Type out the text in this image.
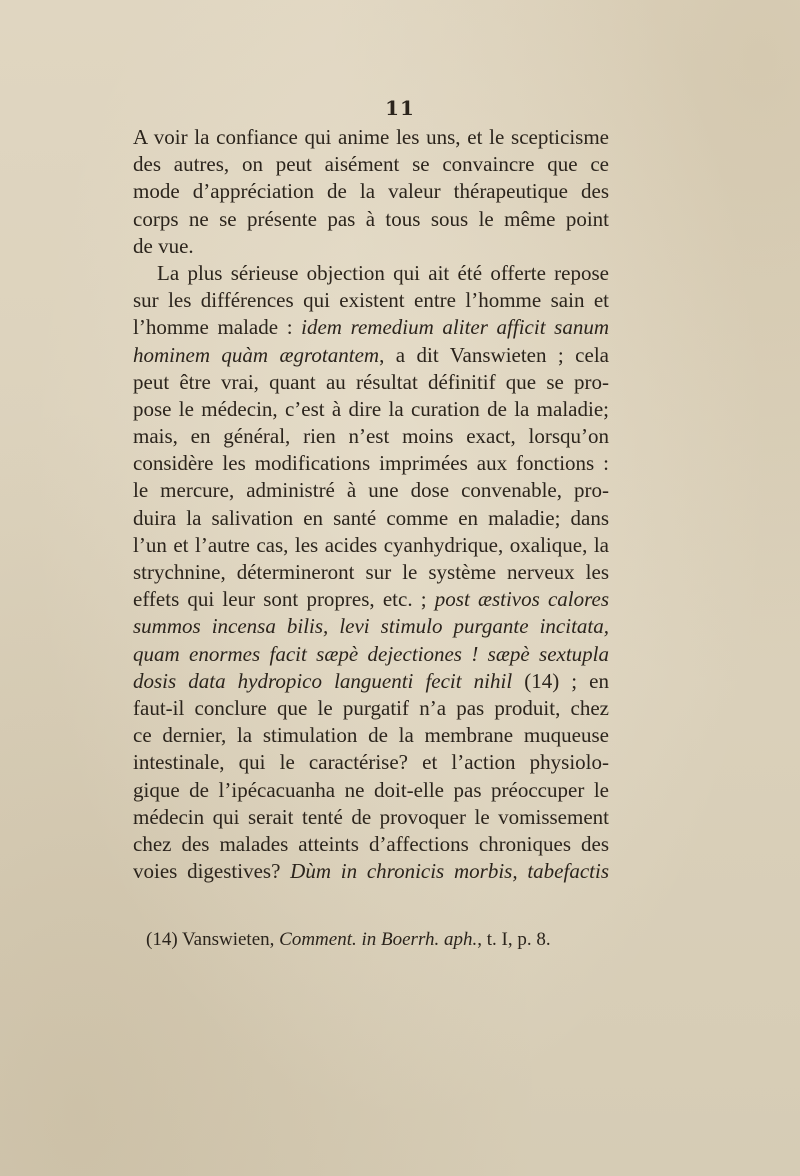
11
A voir la confiance qui anime les uns, et le scepticisme
des autres, on peut aisément se convaincre que ce
mode d’appréciation de la valeur thérapeutique des
corps ne se présente pas à tous sous le même point
de vue.
La plus sérieuse objection qui ait été offerte repose
sur les différences qui existent entre l’homme sain et
l’homme malade : idem remedium aliter afficit sanum
hominem quàm ægrotantem, a dit Vanswieten ; cela
peut être vrai, quant au résultat définitif que se pro-
pose le médecin, c’est à dire la curation de la maladie;
mais, en général, rien n’est moins exact, lorsqu’on
considère les modifications imprimées aux fonctions :
le mercure, administré à une dose convenable, pro-
duira la salivation en santé comme en maladie; dans
l’un et l’autre cas, les acides cyanhydrique, oxalique, la
strychnine, détermineront sur le système nerveux les
effets qui leur sont propres, etc. ; post æstivos calores
summos incensa bilis, levi stimulo purgante incitata,
quam enormes facit sæpè dejectiones ! sæpè sextupla
dosis data hydropico languenti fecit nihil (14) ; en
faut-il conclure que le purgatif n’a pas produit, chez
ce dernier, la stimulation de la membrane muqueuse
intestinale, qui le caractérise? et l’action physiolo-
gique de l’ipécacuanha ne doit-elle pas préoccuper le
médecin qui serait tenté de provoquer le vomissement
chez des malades atteints d’affections chroniques des
voies digestives? Dùm in chronicis morbis, tabefactis
(14) Vanswieten, Comment. in Boerrh. aph., t. I, p. 8.
